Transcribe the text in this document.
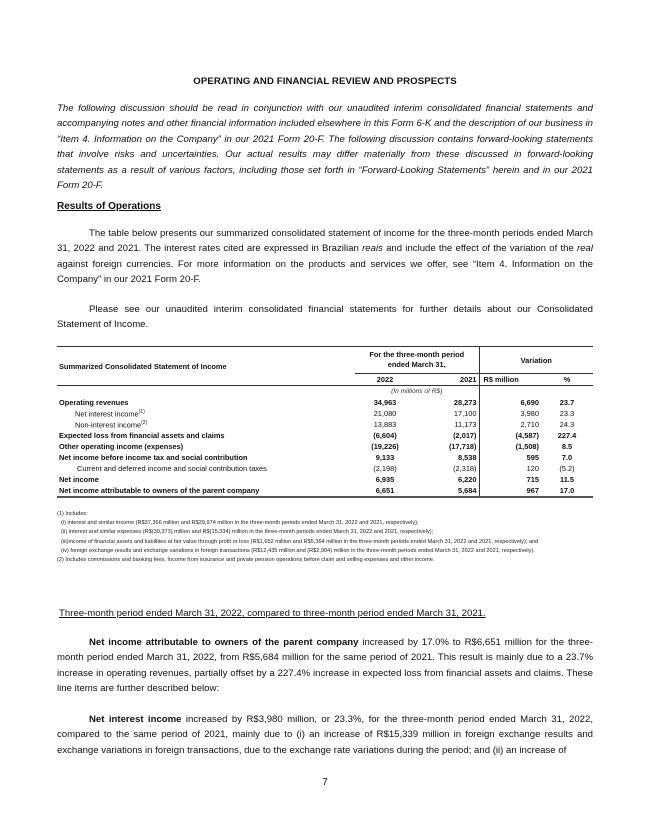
OPERATING AND FINANCIAL REVIEW AND PROSPECTS
The following discussion should be read in conjunction with our unaudited interim consolidated financial statements and accompanying notes and other financial information included elsewhere in this Form 6-K and the description of our business in “Item 4. Information on the Company” in our 2021 Form 20-F. The following discussion contains forward-looking statements that involve risks and uncertainties. Our actual results may differ materially from these discussed in forward-looking statements as a result of various factors, including those set forth in “Forward-Looking Statements” herein and in our 2021 Form 20-F.
Results of Operations
The table below presents our summarized consolidated statement of income for the three-month periods ended March 31, 2022 and 2021. The interest rates cited are expressed in Brazilian reais and include the effect of the variation of the real against foreign currencies. For more information on the products and services we offer, see “Item 4. Information on the Company” in our 2021 Form 20-F.
Please see our unaudited interim consolidated financial statements for further details about our Consolidated Statement of Income.
Summarized Consolidated Statement of Income	For the three-month period ended March 31,		Variation	
	2022	2021	R$ million	%
	(In millions of R$)			
Operating revenues	34,963	28,273	6,690	23.7
Net interest income$^{(1)}$	21,080	17,100	3,980	23.3
Non-interest income$^{(2)}$	13,883	11,173	2,710	24.3
Expected loss from financial assets and claims	(6,604)	(2,017)	(4,587)	227.4
Other operating income (expenses)	(19,226)	(17,718)	(1,508)	8.5
Net income before income tax and social contribution	9,133	8,538	595	7.0
Current and deferred income and social contribution taxes	(2,198)	(2,318)	120	(5.2)
Net income	6,935	6,220	715	11.5
Net income attributable to owners of the parent company	6,651	5,684	967	17.0
(1) Includes:
(i) interest and similar income (R$37,366 million and R$29,974 million in the three-month periods ended March 31, 2022 and 2021, respectively);
(ii) interest and similar expenses (R$(30,373) million and R$(15,334) million in the three-month periods ended March 31, 2022 and 2021, respectively);
(iii)income of financial assets and liabilities at fair value through profit or loss (R$1,652 million and R$5,364 million in the three-month periods ended March 31, 2022 and 2021, respectively); and
(iv) foreign exchange results and exchange variations in foreign transactions (R$12,435 million and (R$2,904) million in the three-month periods ended March 31, 2022 and 2021, respectively).
(2) Includes commissions and banking fees, Income from insurance and private pension operations before claim and selling expenses and other income.
Three-month period ended March 31, 2022, compared to three-month period ended March 31, 2021.
Net income attributable to owners of the parent company increased by 17.0% to R$6,651 million for the three-month period ended March 31, 2022, from R$5,684 million for the same period of 2021. This result is mainly due to a 23.7% increase in operating revenues, partially offset by a 227.4% increase in expected loss from financial assets and claims. These line items are further described below:
Net interest income increased by R$3,980 million, or 23.3%, for the three-month period ended March 31, 2022, compared to the same period of 2021, mainly due to (i) an increase of R$15,339 million in foreign exchange results and exchange variations in foreign transactions, due to the exchange rate variations during the period; and (ii) an increase of
7
